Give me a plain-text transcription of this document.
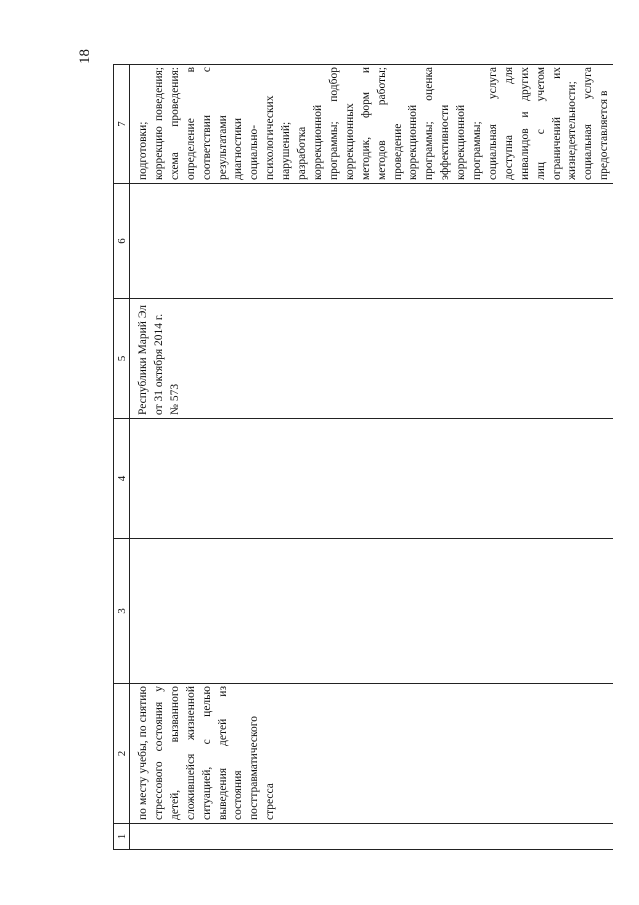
18
1	2	3	4	5	6	7
	по месту учебы, по снятию стрессового состояния у детей, вызванного сложившейся жизненной ситуацией, с целью выведения детей из состояния посттравматического стресса			Республики Марий Эл от 31 октября 2014 г. № 573		подготовки; коррекцию поведения; схема проведения: определение в соответствии с результатами диагностики социально-психологических нарушений; разработка коррекционной программы; подбор коррекционных методик, форм и методов работы; проведение коррекционной программы; оценка эффективности коррекционной программы; социальная услуга доступна для инвалидов и других лиц с учетом ограничений их жизнедеятельности; социальная услуга предоставляется в
